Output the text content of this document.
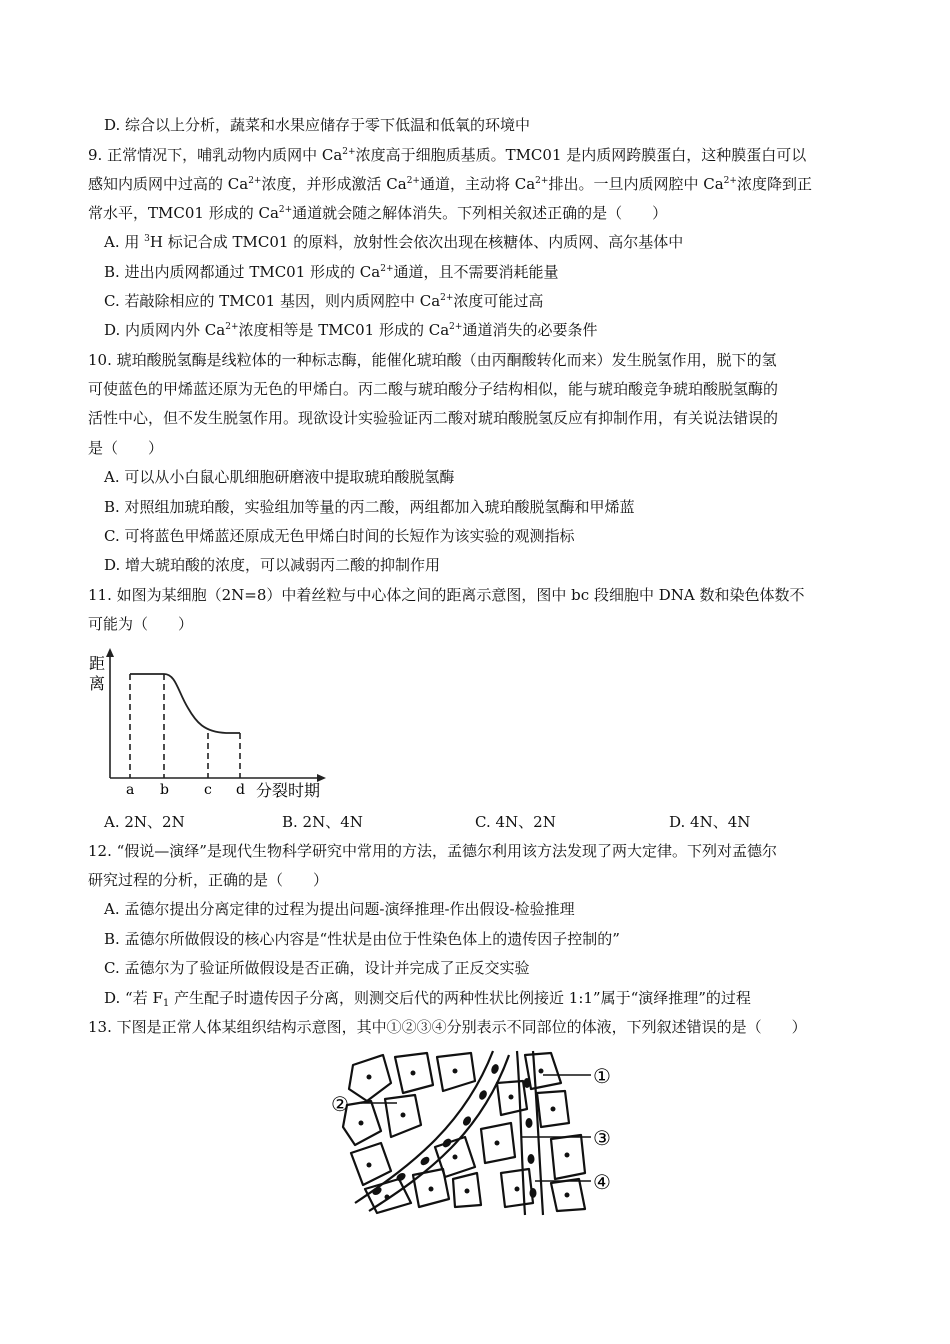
D. 综合以上分析，蔬菜和水果应储存于零下低温和低氧的环境中
9. 正常情况下，哺乳动物内质网中 $Ca^{2+}$浓度高于细胞质基质。TMC01 是内质网跨膜蛋白，这种膜蛋白可以
感知内质网中过高的 $Ca^{2+}$浓度，并形成激活 $Ca^{2+}$通道，主动将 $Ca^{2+}$排出。一旦内质网腔中 $Ca^{2+}$浓度降到正
常水平，TMC01 形成的 $Ca^{2+}$通道就会随之解体消失。下列相关叙述正确的是（　　）
A. 用 $^3$H 标记合成 TMC01 的原料，放射性会依次出现在核糖体、内质网、高尔基体中
B. 进出内质网都通过 TMC01 形成的 $Ca^{2+}$通道，且不需要消耗能量
C. 若敲除相应的 TMC01 基因，则内质网腔中 $Ca^{2+}$浓度可能过高
D. 内质网内外 $Ca^{2+}$浓度相等是 TMC01 形成的 $Ca^{2+}$通道消失的必要条件
10. 琥珀酸脱氢酶是线粒体的一种标志酶，能催化琥珀酸（由丙酮酸转化而来）发生脱氢作用，脱下的氢
可使蓝色的甲烯蓝还原为无色的甲烯白。丙二酸与琥珀酸分子结构相似，能与琥珀酸竞争琥珀酸脱氢酶的
活性中心，但不发生脱氢作用。现欲设计实验验证丙二酸对琥珀酸脱氢反应有抑制作用，有关说法错误的
是（　　）
A. 可以从小白鼠心肌细胞研磨液中提取琥珀酸脱氢酶
B. 对照组加琥珀酸，实验组加等量的丙二酸，两组都加入琥珀酸脱氢酶和甲烯蓝
C. 可将蓝色甲烯蓝还原成无色甲烯白时间的长短作为该实验的观测指标
D. 增大琥珀酸的浓度，可以减弱丙二酸的抑制作用
11. 如图为某细胞（2N=8）中着丝粒与中心体之间的距离示意图，图中 bc 段细胞中 DNA 数和染色体数不
可能为（　　）
距
离
a b	c d 分裂时期
A. 2N、2N	B. 2N、4N	C. 4N、2N	D. 4N、4N
12. “假说—演绎”是现代生物科学研究中常用的方法，孟德尔利用该方法发现了两大定律。下列对孟德尔
研究过程的分析，正确的是（　　）
A. 孟德尔提出分离定律的过程为提出问题-演绎推理-作出假设-检验推理
B. 孟德尔所做假设的核心内容是“性状是由位于性染色体上的遗传因子控制的”
C. 孟德尔为了验证所做假设是否正确，设计并完成了正反交实验
D. “若 $F_1$ 产生配子时遗传因子分离，则测交后代的两种性状比例接近 1:1”属于“演绎推理”的过程
13. 下图是正常人体某组织结构示意图，其中①②③④分别表示不同部位的体液，下列叙述错误的是（　　）
①
②
③
④
